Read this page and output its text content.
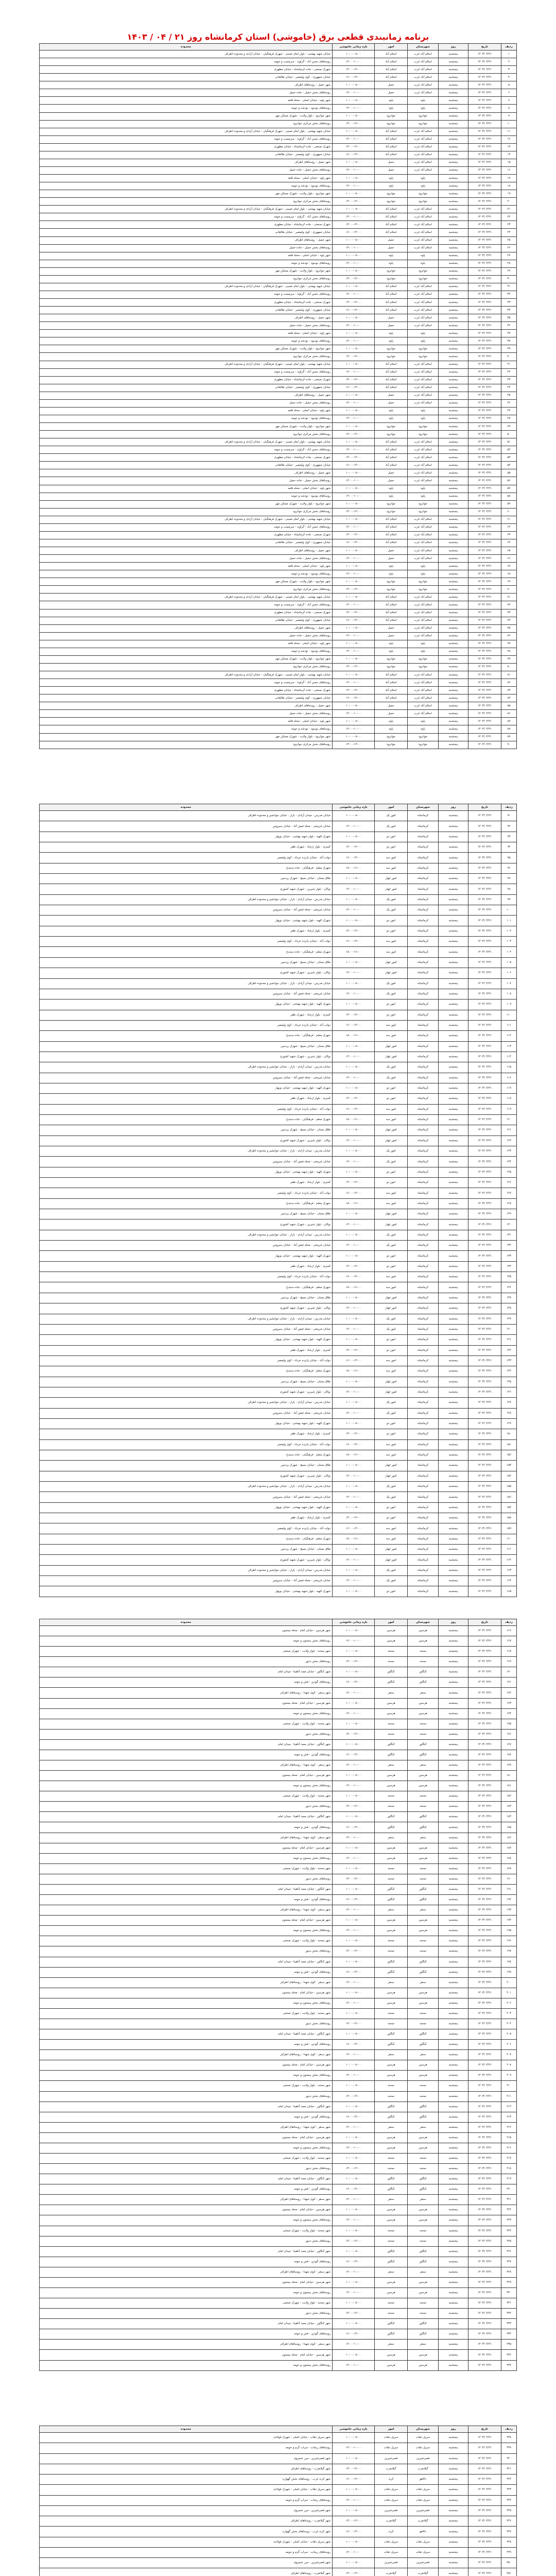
برنامه زمانبندی قطعی برق (خاموشی) استان کرمانشاه روز ۲۱ / ۰۴ / ۱۴۰۳
ردیف	تاریخ	روز	شهرستان	امور	بازه زمانی خاموشی	محدوده
۱	۱۴۰۳/۰۴/۲۱	پنجشنبه	اسلام آباد غرب	اسلام آباد	۱۰:۰۰-۰۸:۰۰	خیابان شهید بهشتی - بلوار امام خمینی - شهرک فرهنگیان - خیابان آزادی و محدوده اطراف
۲	۱۴۰۳/۰۴/۲۱	پنجشنبه	اسلام آباد غرب	اسلام آباد	۱۲:۰۰-۱۰:۰۰	روستاهای حسن آباد - گراوند - سرمست و حومه
۳	۱۴۰۳/۰۴/۲۱	پنجشنبه	اسلام آباد غرب	اسلام آباد	۱۴:۰۰-۱۲:۰۰	شهرک صنعتی - جاده کرمانشاه - خیابان مطهری
۴	۱۴۰۳/۰۴/۲۱	پنجشنبه	اسلام آباد غرب	اسلام آباد	۱۶:۰۰-۱۴:۰۰	خیابان جمهوری - کوی ولیعصر - خیابان طالقانی
۵	۱۴۰۳/۰۴/۲۱	پنجشنبه	اسلام آباد غرب	حمیل	۱۰:۰۰-۰۸:۰۰	شهر حمیل - روستاهای اطراف
۶	۱۴۰۳/۰۴/۲۱	پنجشنبه	اسلام آباد غرب	حمیل	۱۲:۰۰-۱۰:۰۰	روستاهای بخش حمیل - جاده حمیل
۷	۱۴۰۳/۰۴/۲۱	پنجشنبه	پاوه	پاوه	۱۰:۰۰-۰۸:۰۰	شهر پاوه - خیابان اصلی - محله قلعه
۸	۱۴۰۳/۰۴/۲۱	پنجشنبه	پاوه	پاوه	۱۲:۰۰-۱۰:۰۰	روستاهای نوسود - نودشه و حومه
۹	۱۴۰۳/۰۴/۲۱	پنجشنبه	جوانرود	جوانرود	۱۰:۰۰-۰۸:۰۰	شهر جوانرود - بلوار ولایت - شهرک مسکن مهر
۱۰	۱۴۰۳/۰۴/۲۱	پنجشنبه	جوانرود	جوانرود	۱۴:۰۰-۱۲:۰۰	روستاهای بخش مرکزی جوانرود
۱۱	۱۴۰۳/۰۴/۲۱	پنجشنبه	اسلام آباد غرب	اسلام آباد	۱۰:۰۰-۰۸:۰۰	خیابان شهید بهشتی - بلوار امام خمینی - شهرک فرهنگیان - خیابان آزادی و محدوده اطراف
۱۲	۱۴۰۳/۰۴/۲۱	پنجشنبه	اسلام آباد غرب	اسلام آباد	۱۲:۰۰-۱۰:۰۰	روستاهای حسن آباد - گراوند - سرمست و حومه
۱۳	۱۴۰۳/۰۴/۲۱	پنجشنبه	اسلام آباد غرب	اسلام آباد	۱۴:۰۰-۱۲:۰۰	شهرک صنعتی - جاده کرمانشاه - خیابان مطهری
۱۴	۱۴۰۳/۰۴/۲۱	پنجشنبه	اسلام آباد غرب	اسلام آباد	۱۶:۰۰-۱۴:۰۰	خیابان جمهوری - کوی ولیعصر - خیابان طالقانی
۱۵	۱۴۰۳/۰۴/۲۱	پنجشنبه	اسلام آباد غرب	حمیل	۱۰:۰۰-۰۸:۰۰	شهر حمیل - روستاهای اطراف
۱۶	۱۴۰۳/۰۴/۲۱	پنجشنبه	اسلام آباد غرب	حمیل	۱۲:۰۰-۱۰:۰۰	روستاهای بخش حمیل - جاده حمیل
۱۷	۱۴۰۳/۰۴/۲۱	پنجشنبه	پاوه	پاوه	۱۰:۰۰-۰۸:۰۰	شهر پاوه - خیابان اصلی - محله قلعه
۱۸	۱۴۰۳/۰۴/۲۱	پنجشنبه	پاوه	پاوه	۱۲:۰۰-۱۰:۰۰	روستاهای نوسود - نودشه و حومه
۱۹	۱۴۰۳/۰۴/۲۱	پنجشنبه	جوانرود	جوانرود	۱۰:۰۰-۰۸:۰۰	شهر جوانرود - بلوار ولایت - شهرک مسکن مهر
۲۰	۱۴۰۳/۰۴/۲۱	پنجشنبه	جوانرود	جوانرود	۱۴:۰۰-۱۲:۰۰	روستاهای بخش مرکزی جوانرود
۲۱	۱۴۰۳/۰۴/۲۱	پنجشنبه	اسلام آباد غرب	اسلام آباد	۱۰:۰۰-۰۸:۰۰	خیابان شهید بهشتی - بلوار امام خمینی - شهرک فرهنگیان - خیابان آزادی و محدوده اطراف
۲۲	۱۴۰۳/۰۴/۲۱	پنجشنبه	اسلام آباد غرب	اسلام آباد	۱۲:۰۰-۱۰:۰۰	روستاهای حسن آباد - گراوند - سرمست و حومه
۲۳	۱۴۰۳/۰۴/۲۱	پنجشنبه	اسلام آباد غرب	اسلام آباد	۱۴:۰۰-۱۲:۰۰	شهرک صنعتی - جاده کرمانشاه - خیابان مطهری
۲۴	۱۴۰۳/۰۴/۲۱	پنجشنبه	اسلام آباد غرب	اسلام آباد	۱۶:۰۰-۱۴:۰۰	خیابان جمهوری - کوی ولیعصر - خیابان طالقانی
۲۵	۱۴۰۳/۰۴/۲۱	پنجشنبه	اسلام آباد غرب	حمیل	۱۰:۰۰-۰۸:۰۰	شهر حمیل - روستاهای اطراف
۲۶	۱۴۰۳/۰۴/۲۱	پنجشنبه	اسلام آباد غرب	حمیل	۱۲:۰۰-۱۰:۰۰	روستاهای بخش حمیل - جاده حمیل
۲۷	۱۴۰۳/۰۴/۲۱	پنجشنبه	پاوه	پاوه	۱۰:۰۰-۰۸:۰۰	شهر پاوه - خیابان اصلی - محله قلعه
۲۸	۱۴۰۳/۰۴/۲۱	پنجشنبه	پاوه	پاوه	۱۲:۰۰-۱۰:۰۰	روستاهای نوسود - نودشه و حومه
۲۹	۱۴۰۳/۰۴/۲۱	پنجشنبه	جوانرود	جوانرود	۱۰:۰۰-۰۸:۰۰	شهر جوانرود - بلوار ولایت - شهرک مسکن مهر
۳۰	۱۴۰۳/۰۴/۲۱	پنجشنبه	جوانرود	جوانرود	۱۴:۰۰-۱۲:۰۰	روستاهای بخش مرکزی جوانرود
۳۱	۱۴۰۳/۰۴/۲۱	پنجشنبه	اسلام آباد غرب	اسلام آباد	۱۰:۰۰-۰۸:۰۰	خیابان شهید بهشتی - بلوار امام خمینی - شهرک فرهنگیان - خیابان آزادی و محدوده اطراف
۳۲	۱۴۰۳/۰۴/۲۱	پنجشنبه	اسلام آباد غرب	اسلام آباد	۱۲:۰۰-۱۰:۰۰	روستاهای حسن آباد - گراوند - سرمست و حومه
۳۳	۱۴۰۳/۰۴/۲۱	پنجشنبه	اسلام آباد غرب	اسلام آباد	۱۴:۰۰-۱۲:۰۰	شهرک صنعتی - جاده کرمانشاه - خیابان مطهری
۳۴	۱۴۰۳/۰۴/۲۱	پنجشنبه	اسلام آباد غرب	اسلام آباد	۱۶:۰۰-۱۴:۰۰	خیابان جمهوری - کوی ولیعصر - خیابان طالقانی
۳۵	۱۴۰۳/۰۴/۲۱	پنجشنبه	اسلام آباد غرب	حمیل	۱۰:۰۰-۰۸:۰۰	شهر حمیل - روستاهای اطراف
۳۶	۱۴۰۳/۰۴/۲۱	پنجشنبه	اسلام آباد غرب	حمیل	۱۲:۰۰-۱۰:۰۰	روستاهای بخش حمیل - جاده حمیل
۳۷	۱۴۰۳/۰۴/۲۱	پنجشنبه	پاوه	پاوه	۱۰:۰۰-۰۸:۰۰	شهر پاوه - خیابان اصلی - محله قلعه
۳۸	۱۴۰۳/۰۴/۲۱	پنجشنبه	پاوه	پاوه	۱۲:۰۰-۱۰:۰۰	روستاهای نوسود - نودشه و حومه
۳۹	۱۴۰۳/۰۴/۲۱	پنجشنبه	جوانرود	جوانرود	۱۰:۰۰-۰۸:۰۰	شهر جوانرود - بلوار ولایت - شهرک مسکن مهر
۴۰	۱۴۰۳/۰۴/۲۱	پنجشنبه	جوانرود	جوانرود	۱۴:۰۰-۱۲:۰۰	روستاهای بخش مرکزی جوانرود
۴۱	۱۴۰۳/۰۴/۲۱	پنجشنبه	اسلام آباد غرب	اسلام آباد	۱۰:۰۰-۰۸:۰۰	خیابان شهید بهشتی - بلوار امام خمینی - شهرک فرهنگیان - خیابان آزادی و محدوده اطراف
۴۲	۱۴۰۳/۰۴/۲۱	پنجشنبه	اسلام آباد غرب	اسلام آباد	۱۲:۰۰-۱۰:۰۰	روستاهای حسن آباد - گراوند - سرمست و حومه
۴۳	۱۴۰۳/۰۴/۲۱	پنجشنبه	اسلام آباد غرب	اسلام آباد	۱۴:۰۰-۱۲:۰۰	شهرک صنعتی - جاده کرمانشاه - خیابان مطهری
۴۴	۱۴۰۳/۰۴/۲۱	پنجشنبه	اسلام آباد غرب	اسلام آباد	۱۶:۰۰-۱۴:۰۰	خیابان جمهوری - کوی ولیعصر - خیابان طالقانی
۴۵	۱۴۰۳/۰۴/۲۱	پنجشنبه	اسلام آباد غرب	حمیل	۱۰:۰۰-۰۸:۰۰	شهر حمیل - روستاهای اطراف
۴۶	۱۴۰۳/۰۴/۲۱	پنجشنبه	اسلام آباد غرب	حمیل	۱۲:۰۰-۱۰:۰۰	روستاهای بخش حمیل - جاده حمیل
۴۷	۱۴۰۳/۰۴/۲۱	پنجشنبه	پاوه	پاوه	۱۰:۰۰-۰۸:۰۰	شهر پاوه - خیابان اصلی - محله قلعه
۴۸	۱۴۰۳/۰۴/۲۱	پنجشنبه	پاوه	پاوه	۱۲:۰۰-۱۰:۰۰	روستاهای نوسود - نودشه و حومه
۴۹	۱۴۰۳/۰۴/۲۱	پنجشنبه	جوانرود	جوانرود	۱۰:۰۰-۰۸:۰۰	شهر جوانرود - بلوار ولایت - شهرک مسکن مهر
۵۰	۱۴۰۳/۰۴/۲۱	پنجشنبه	جوانرود	جوانرود	۱۴:۰۰-۱۲:۰۰	روستاهای بخش مرکزی جوانرود
۵۱	۱۴۰۳/۰۴/۲۱	پنجشنبه	اسلام آباد غرب	اسلام آباد	۱۰:۰۰-۰۸:۰۰	خیابان شهید بهشتی - بلوار امام خمینی - شهرک فرهنگیان - خیابان آزادی و محدوده اطراف
۵۲	۱۴۰۳/۰۴/۲۱	پنجشنبه	اسلام آباد غرب	اسلام آباد	۱۲:۰۰-۱۰:۰۰	روستاهای حسن آباد - گراوند - سرمست و حومه
۵۳	۱۴۰۳/۰۴/۲۱	پنجشنبه	اسلام آباد غرب	اسلام آباد	۱۴:۰۰-۱۲:۰۰	شهرک صنعتی - جاده کرمانشاه - خیابان مطهری
۵۴	۱۴۰۳/۰۴/۲۱	پنجشنبه	اسلام آباد غرب	اسلام آباد	۱۶:۰۰-۱۴:۰۰	خیابان جمهوری - کوی ولیعصر - خیابان طالقانی
۵۵	۱۴۰۳/۰۴/۲۱	پنجشنبه	اسلام آباد غرب	حمیل	۱۰:۰۰-۰۸:۰۰	شهر حمیل - روستاهای اطراف
۵۶	۱۴۰۳/۰۴/۲۱	پنجشنبه	اسلام آباد غرب	حمیل	۱۲:۰۰-۱۰:۰۰	روستاهای بخش حمیل - جاده حمیل
۵۷	۱۴۰۳/۰۴/۲۱	پنجشنبه	پاوه	پاوه	۱۰:۰۰-۰۸:۰۰	شهر پاوه - خیابان اصلی - محله قلعه
۵۸	۱۴۰۳/۰۴/۲۱	پنجشنبه	پاوه	پاوه	۱۲:۰۰-۱۰:۰۰	روستاهای نوسود - نودشه و حومه
۵۹	۱۴۰۳/۰۴/۲۱	پنجشنبه	جوانرود	جوانرود	۱۰:۰۰-۰۸:۰۰	شهر جوانرود - بلوار ولایت - شهرک مسکن مهر
۶۰	۱۴۰۳/۰۴/۲۱	پنجشنبه	جوانرود	جوانرود	۱۴:۰۰-۱۲:۰۰	روستاهای بخش مرکزی جوانرود
۶۱	۱۴۰۳/۰۴/۲۱	پنجشنبه	اسلام آباد غرب	اسلام آباد	۱۰:۰۰-۰۸:۰۰	خیابان شهید بهشتی - بلوار امام خمینی - شهرک فرهنگیان - خیابان آزادی و محدوده اطراف
۶۲	۱۴۰۳/۰۴/۲۱	پنجشنبه	اسلام آباد غرب	اسلام آباد	۱۲:۰۰-۱۰:۰۰	روستاهای حسن آباد - گراوند - سرمست و حومه
۶۳	۱۴۰۳/۰۴/۲۱	پنجشنبه	اسلام آباد غرب	اسلام آباد	۱۴:۰۰-۱۲:۰۰	شهرک صنعتی - جاده کرمانشاه - خیابان مطهری
۶۴	۱۴۰۳/۰۴/۲۱	پنجشنبه	اسلام آباد غرب	اسلام آباد	۱۶:۰۰-۱۴:۰۰	خیابان جمهوری - کوی ولیعصر - خیابان طالقانی
۶۵	۱۴۰۳/۰۴/۲۱	پنجشنبه	اسلام آباد غرب	حمیل	۱۰:۰۰-۰۸:۰۰	شهر حمیل - روستاهای اطراف
۶۶	۱۴۰۳/۰۴/۲۱	پنجشنبه	اسلام آباد غرب	حمیل	۱۲:۰۰-۱۰:۰۰	روستاهای بخش حمیل - جاده حمیل
۶۷	۱۴۰۳/۰۴/۲۱	پنجشنبه	پاوه	پاوه	۱۰:۰۰-۰۸:۰۰	شهر پاوه - خیابان اصلی - محله قلعه
۶۸	۱۴۰۳/۰۴/۲۱	پنجشنبه	پاوه	پاوه	۱۲:۰۰-۱۰:۰۰	روستاهای نوسود - نودشه و حومه
۶۹	۱۴۰۳/۰۴/۲۱	پنجشنبه	جوانرود	جوانرود	۱۰:۰۰-۰۸:۰۰	شهر جوانرود - بلوار ولایت - شهرک مسکن مهر
۷۰	۱۴۰۳/۰۴/۲۱	پنجشنبه	جوانرود	جوانرود	۱۴:۰۰-۱۲:۰۰	روستاهای بخش مرکزی جوانرود
۷۱	۱۴۰۳/۰۴/۲۱	پنجشنبه	اسلام آباد غرب	اسلام آباد	۱۰:۰۰-۰۸:۰۰	خیابان شهید بهشتی - بلوار امام خمینی - شهرک فرهنگیان - خیابان آزادی و محدوده اطراف
۷۲	۱۴۰۳/۰۴/۲۱	پنجشنبه	اسلام آباد غرب	اسلام آباد	۱۲:۰۰-۱۰:۰۰	روستاهای حسن آباد - گراوند - سرمست و حومه
۷۳	۱۴۰۳/۰۴/۲۱	پنجشنبه	اسلام آباد غرب	اسلام آباد	۱۴:۰۰-۱۲:۰۰	شهرک صنعتی - جاده کرمانشاه - خیابان مطهری
۷۴	۱۴۰۳/۰۴/۲۱	پنجشنبه	اسلام آباد غرب	اسلام آباد	۱۶:۰۰-۱۴:۰۰	خیابان جمهوری - کوی ولیعصر - خیابان طالقانی
۷۵	۱۴۰۳/۰۴/۲۱	پنجشنبه	اسلام آباد غرب	حمیل	۱۰:۰۰-۰۸:۰۰	شهر حمیل - روستاهای اطراف
۷۶	۱۴۰۳/۰۴/۲۱	پنجشنبه	اسلام آباد غرب	حمیل	۱۲:۰۰-۱۰:۰۰	روستاهای بخش حمیل - جاده حمیل
۷۷	۱۴۰۳/۰۴/۲۱	پنجشنبه	پاوه	پاوه	۱۰:۰۰-۰۸:۰۰	شهر پاوه - خیابان اصلی - محله قلعه
۷۸	۱۴۰۳/۰۴/۲۱	پنجشنبه	پاوه	پاوه	۱۲:۰۰-۱۰:۰۰	روستاهای نوسود - نودشه و حومه
۷۹	۱۴۰۳/۰۴/۲۱	پنجشنبه	جوانرود	جوانرود	۱۰:۰۰-۰۸:۰۰	شهر جوانرود - بلوار ولایت - شهرک مسکن مهر
۸۰	۱۴۰۳/۰۴/۲۱	پنجشنبه	جوانرود	جوانرود	۱۴:۰۰-۱۲:۰۰	روستاهای بخش مرکزی جوانرود
۸۱	۱۴۰۳/۰۴/۲۱	پنجشنبه	اسلام آباد غرب	اسلام آباد	۱۰:۰۰-۰۸:۰۰	خیابان شهید بهشتی - بلوار امام خمینی - شهرک فرهنگیان - خیابان آزادی و محدوده اطراف
۸۲	۱۴۰۳/۰۴/۲۱	پنجشنبه	اسلام آباد غرب	اسلام آباد	۱۲:۰۰-۱۰:۰۰	روستاهای حسن آباد - گراوند - سرمست و حومه
۸۳	۱۴۰۳/۰۴/۲۱	پنجشنبه	اسلام آباد غرب	اسلام آباد	۱۴:۰۰-۱۲:۰۰	شهرک صنعتی - جاده کرمانشاه - خیابان مطهری
۸۴	۱۴۰۳/۰۴/۲۱	پنجشنبه	اسلام آباد غرب	اسلام آباد	۱۶:۰۰-۱۴:۰۰	خیابان جمهوری - کوی ولیعصر - خیابان طالقانی
۸۵	۱۴۰۳/۰۴/۲۱	پنجشنبه	اسلام آباد غرب	حمیل	۱۰:۰۰-۰۸:۰۰	شهر حمیل - روستاهای اطراف
۸۶	۱۴۰۳/۰۴/۲۱	پنجشنبه	اسلام آباد غرب	حمیل	۱۲:۰۰-۱۰:۰۰	روستاهای بخش حمیل - جاده حمیل
۸۷	۱۴۰۳/۰۴/۲۱	پنجشنبه	پاوه	پاوه	۱۰:۰۰-۰۸:۰۰	شهر پاوه - خیابان اصلی - محله قلعه
۸۸	۱۴۰۳/۰۴/۲۱	پنجشنبه	پاوه	پاوه	۱۲:۰۰-۱۰:۰۰	روستاهای نوسود - نودشه و حومه
۸۹	۱۴۰۳/۰۴/۲۱	پنجشنبه	جوانرود	جوانرود	۱۰:۰۰-۰۸:۰۰	شهر جوانرود - بلوار ولایت - شهرک مسکن مهر
۹۰	۱۴۰۳/۰۴/۲۱	پنجشنبه	جوانرود	جوانرود	۱۴:۰۰-۱۲:۰۰	روستاهای بخش مرکزی جوانرود
ردیف	تاریخ	روز	شهرستان	امور	بازه زمانی خاموشی	محدوده
۹۱	۱۴۰۳/۰۴/۲۱	پنجشنبه	کرمانشاه	امور یک	۱۰:۰۰-۰۸:۰۰	خیابان مدرس - میدان آزادی - بازار - خیابان جوانشیر و محدوده اطراف
۹۲	۱۴۰۳/۰۴/۲۱	پنجشنبه	کرمانشاه	امور یک	۱۲:۰۰-۱۰:۰۰	خیابان شریعتی - محله فیض آباد - خیابان سیروس
۹۳	۱۴۰۳/۰۴/۲۱	پنجشنبه	کرمانشاه	امور دو	۱۰:۰۰-۰۸:۰۰	شهرک الهیه - بلوار شهید بهشتی - خیابان نوبهار
۹۴	۱۴۰۳/۰۴/۲۱	پنجشنبه	کرمانشاه	امور دو	۱۴:۰۰-۱۲:۰۰	کسری - بلوار ارشاد - شهرک ظفر
۹۵	۱۴۰۳/۰۴/۲۱	پنجشنبه	کرمانشاه	امور سه	۱۶:۰۰-۱۴:۰۰	دولت آباد - خیابان پانزده خرداد - کوی ولیعصر
۹۶	۱۴۰۳/۰۴/۲۱	پنجشنبه	کرمانشاه	امور سه	۱۸:۰۰-۱۶:۰۰	شهرک معلم - فرهنگیان - جاده سنندج
۹۷	۱۴۰۳/۰۴/۲۱	پنجشنبه	کرمانشاه	امور چهار	۱۰:۰۰-۰۸:۰۰	طاق بستان - خیابان بسیج - شهرک پردیس
۹۸	۱۴۰۳/۰۴/۲۱	پنجشنبه	کرمانشاه	امور چهار	۱۲:۰۰-۱۰:۰۰	نوکان - بلوار شیرین - شهرک شهید کشوری
۹۹	۱۴۰۳/۰۴/۲۱	پنجشنبه	کرمانشاه	امور یک	۱۰:۰۰-۰۸:۰۰	خیابان مدرس - میدان آزادی - بازار - خیابان جوانشیر و محدوده اطراف
۱۰۰	۱۴۰۳/۰۴/۲۱	پنجشنبه	کرمانشاه	امور یک	۱۲:۰۰-۱۰:۰۰	خیابان شریعتی - محله فیض آباد - خیابان سیروس
۱۰۱	۱۴۰۳/۰۴/۲۱	پنجشنبه	کرمانشاه	امور دو	۱۰:۰۰-۰۸:۰۰	شهرک الهیه - بلوار شهید بهشتی - خیابان نوبهار
۱۰۲	۱۴۰۳/۰۴/۲۱	پنجشنبه	کرمانشاه	امور دو	۱۴:۰۰-۱۲:۰۰	کسری - بلوار ارشاد - شهرک ظفر
۱۰۳	۱۴۰۳/۰۴/۲۱	پنجشنبه	کرمانشاه	امور سه	۱۶:۰۰-۱۴:۰۰	دولت آباد - خیابان پانزده خرداد - کوی ولیعصر
۱۰۴	۱۴۰۳/۰۴/۲۱	پنجشنبه	کرمانشاه	امور سه	۱۸:۰۰-۱۶:۰۰	شهرک معلم - فرهنگیان - جاده سنندج
۱۰۵	۱۴۰۳/۰۴/۲۱	پنجشنبه	کرمانشاه	امور چهار	۱۰:۰۰-۰۸:۰۰	طاق بستان - خیابان بسیج - شهرک پردیس
۱۰۶	۱۴۰۳/۰۴/۲۱	پنجشنبه	کرمانشاه	امور چهار	۱۲:۰۰-۱۰:۰۰	نوکان - بلوار شیرین - شهرک شهید کشوری
۱۰۷	۱۴۰۳/۰۴/۲۱	پنجشنبه	کرمانشاه	امور یک	۱۰:۰۰-۰۸:۰۰	خیابان مدرس - میدان آزادی - بازار - خیابان جوانشیر و محدوده اطراف
۱۰۸	۱۴۰۳/۰۴/۲۱	پنجشنبه	کرمانشاه	امور یک	۱۲:۰۰-۱۰:۰۰	خیابان شریعتی - محله فیض آباد - خیابان سیروس
۱۰۹	۱۴۰۳/۰۴/۲۱	پنجشنبه	کرمانشاه	امور دو	۱۰:۰۰-۰۸:۰۰	شهرک الهیه - بلوار شهید بهشتی - خیابان نوبهار
۱۱۰	۱۴۰۳/۰۴/۲۱	پنجشنبه	کرمانشاه	امور دو	۱۴:۰۰-۱۲:۰۰	کسری - بلوار ارشاد - شهرک ظفر
۱۱۱	۱۴۰۳/۰۴/۲۱	پنجشنبه	کرمانشاه	امور سه	۱۶:۰۰-۱۴:۰۰	دولت آباد - خیابان پانزده خرداد - کوی ولیعصر
۱۱۲	۱۴۰۳/۰۴/۲۱	پنجشنبه	کرمانشاه	امور سه	۱۸:۰۰-۱۶:۰۰	شهرک معلم - فرهنگیان - جاده سنندج
۱۱۳	۱۴۰۳/۰۴/۲۱	پنجشنبه	کرمانشاه	امور چهار	۱۰:۰۰-۰۸:۰۰	طاق بستان - خیابان بسیج - شهرک پردیس
۱۱۴	۱۴۰۳/۰۴/۲۱	پنجشنبه	کرمانشاه	امور چهار	۱۲:۰۰-۱۰:۰۰	نوکان - بلوار شیرین - شهرک شهید کشوری
۱۱۵	۱۴۰۳/۰۴/۲۱	پنجشنبه	کرمانشاه	امور یک	۱۰:۰۰-۰۸:۰۰	خیابان مدرس - میدان آزادی - بازار - خیابان جوانشیر و محدوده اطراف
۱۱۶	۱۴۰۳/۰۴/۲۱	پنجشنبه	کرمانشاه	امور یک	۱۲:۰۰-۱۰:۰۰	خیابان شریعتی - محله فیض آباد - خیابان سیروس
۱۱۷	۱۴۰۳/۰۴/۲۱	پنجشنبه	کرمانشاه	امور دو	۱۰:۰۰-۰۸:۰۰	شهرک الهیه - بلوار شهید بهشتی - خیابان نوبهار
۱۱۸	۱۴۰۳/۰۴/۲۱	پنجشنبه	کرمانشاه	امور دو	۱۴:۰۰-۱۲:۰۰	کسری - بلوار ارشاد - شهرک ظفر
۱۱۹	۱۴۰۳/۰۴/۲۱	پنجشنبه	کرمانشاه	امور سه	۱۶:۰۰-۱۴:۰۰	دولت آباد - خیابان پانزده خرداد - کوی ولیعصر
۱۲۰	۱۴۰۳/۰۴/۲۱	پنجشنبه	کرمانشاه	امور سه	۱۸:۰۰-۱۶:۰۰	شهرک معلم - فرهنگیان - جاده سنندج
۱۲۱	۱۴۰۳/۰۴/۲۱	پنجشنبه	کرمانشاه	امور چهار	۱۰:۰۰-۰۸:۰۰	طاق بستان - خیابان بسیج - شهرک پردیس
۱۲۲	۱۴۰۳/۰۴/۲۱	پنجشنبه	کرمانشاه	امور چهار	۱۲:۰۰-۱۰:۰۰	نوکان - بلوار شیرین - شهرک شهید کشوری
۱۲۳	۱۴۰۳/۰۴/۲۱	پنجشنبه	کرمانشاه	امور یک	۱۰:۰۰-۰۸:۰۰	خیابان مدرس - میدان آزادی - بازار - خیابان جوانشیر و محدوده اطراف
۱۲۴	۱۴۰۳/۰۴/۲۱	پنجشنبه	کرمانشاه	امور یک	۱۲:۰۰-۱۰:۰۰	خیابان شریعتی - محله فیض آباد - خیابان سیروس
۱۲۵	۱۴۰۳/۰۴/۲۱	پنجشنبه	کرمانشاه	امور دو	۱۰:۰۰-۰۸:۰۰	شهرک الهیه - بلوار شهید بهشتی - خیابان نوبهار
۱۲۶	۱۴۰۳/۰۴/۲۱	پنجشنبه	کرمانشاه	امور دو	۱۴:۰۰-۱۲:۰۰	کسری - بلوار ارشاد - شهرک ظفر
۱۲۷	۱۴۰۳/۰۴/۲۱	پنجشنبه	کرمانشاه	امور سه	۱۶:۰۰-۱۴:۰۰	دولت آباد - خیابان پانزده خرداد - کوی ولیعصر
۱۲۸	۱۴۰۳/۰۴/۲۱	پنجشنبه	کرمانشاه	امور سه	۱۸:۰۰-۱۶:۰۰	شهرک معلم - فرهنگیان - جاده سنندج
۱۲۹	۱۴۰۳/۰۴/۲۱	پنجشنبه	کرمانشاه	امور چهار	۱۰:۰۰-۰۸:۰۰	طاق بستان - خیابان بسیج - شهرک پردیس
۱۳۰	۱۴۰۳/۰۴/۲۱	پنجشنبه	کرمانشاه	امور چهار	۱۲:۰۰-۱۰:۰۰	نوکان - بلوار شیرین - شهرک شهید کشوری
۱۳۱	۱۴۰۳/۰۴/۲۱	پنجشنبه	کرمانشاه	امور یک	۱۰:۰۰-۰۸:۰۰	خیابان مدرس - میدان آزادی - بازار - خیابان جوانشیر و محدوده اطراف
۱۳۲	۱۴۰۳/۰۴/۲۱	پنجشنبه	کرمانشاه	امور یک	۱۲:۰۰-۱۰:۰۰	خیابان شریعتی - محله فیض آباد - خیابان سیروس
۱۳۳	۱۴۰۳/۰۴/۲۱	پنجشنبه	کرمانشاه	امور دو	۱۰:۰۰-۰۸:۰۰	شهرک الهیه - بلوار شهید بهشتی - خیابان نوبهار
۱۳۴	۱۴۰۳/۰۴/۲۱	پنجشنبه	کرمانشاه	امور دو	۱۴:۰۰-۱۲:۰۰	کسری - بلوار ارشاد - شهرک ظفر
۱۳۵	۱۴۰۳/۰۴/۲۱	پنجشنبه	کرمانشاه	امور سه	۱۶:۰۰-۱۴:۰۰	دولت آباد - خیابان پانزده خرداد - کوی ولیعصر
۱۳۶	۱۴۰۳/۰۴/۲۱	پنجشنبه	کرمانشاه	امور سه	۱۸:۰۰-۱۶:۰۰	شهرک معلم - فرهنگیان - جاده سنندج
۱۳۷	۱۴۰۳/۰۴/۲۱	پنجشنبه	کرمانشاه	امور چهار	۱۰:۰۰-۰۸:۰۰	طاق بستان - خیابان بسیج - شهرک پردیس
۱۳۸	۱۴۰۳/۰۴/۲۱	پنجشنبه	کرمانشاه	امور چهار	۱۲:۰۰-۱۰:۰۰	نوکان - بلوار شیرین - شهرک شهید کشوری
۱۳۹	۱۴۰۳/۰۴/۲۱	پنجشنبه	کرمانشاه	امور یک	۱۰:۰۰-۰۸:۰۰	خیابان مدرس - میدان آزادی - بازار - خیابان جوانشیر و محدوده اطراف
۱۴۰	۱۴۰۳/۰۴/۲۱	پنجشنبه	کرمانشاه	امور یک	۱۲:۰۰-۱۰:۰۰	خیابان شریعتی - محله فیض آباد - خیابان سیروس
۱۴۱	۱۴۰۳/۰۴/۲۱	پنجشنبه	کرمانشاه	امور دو	۱۰:۰۰-۰۸:۰۰	شهرک الهیه - بلوار شهید بهشتی - خیابان نوبهار
۱۴۲	۱۴۰۳/۰۴/۲۱	پنجشنبه	کرمانشاه	امور دو	۱۴:۰۰-۱۲:۰۰	کسری - بلوار ارشاد - شهرک ظفر
۱۴۳	۱۴۰۳/۰۴/۲۱	پنجشنبه	کرمانشاه	امور سه	۱۶:۰۰-۱۴:۰۰	دولت آباد - خیابان پانزده خرداد - کوی ولیعصر
۱۴۴	۱۴۰۳/۰۴/۲۱	پنجشنبه	کرمانشاه	امور سه	۱۸:۰۰-۱۶:۰۰	شهرک معلم - فرهنگیان - جاده سنندج
۱۴۵	۱۴۰۳/۰۴/۲۱	پنجشنبه	کرمانشاه	امور چهار	۱۰:۰۰-۰۸:۰۰	طاق بستان - خیابان بسیج - شهرک پردیس
۱۴۶	۱۴۰۳/۰۴/۲۱	پنجشنبه	کرمانشاه	امور چهار	۱۲:۰۰-۱۰:۰۰	نوکان - بلوار شیرین - شهرک شهید کشوری
۱۴۷	۱۴۰۳/۰۴/۲۱	پنجشنبه	کرمانشاه	امور یک	۱۰:۰۰-۰۸:۰۰	خیابان مدرس - میدان آزادی - بازار - خیابان جوانشیر و محدوده اطراف
۱۴۸	۱۴۰۳/۰۴/۲۱	پنجشنبه	کرمانشاه	امور یک	۱۲:۰۰-۱۰:۰۰	خیابان شریعتی - محله فیض آباد - خیابان سیروس
۱۴۹	۱۴۰۳/۰۴/۲۱	پنجشنبه	کرمانشاه	امور دو	۱۰:۰۰-۰۸:۰۰	شهرک الهیه - بلوار شهید بهشتی - خیابان نوبهار
۱۵۰	۱۴۰۳/۰۴/۲۱	پنجشنبه	کرمانشاه	امور دو	۱۴:۰۰-۱۲:۰۰	کسری - بلوار ارشاد - شهرک ظفر
۱۵۱	۱۴۰۳/۰۴/۲۱	پنجشنبه	کرمانشاه	امور سه	۱۶:۰۰-۱۴:۰۰	دولت آباد - خیابان پانزده خرداد - کوی ولیعصر
۱۵۲	۱۴۰۳/۰۴/۲۱	پنجشنبه	کرمانشاه	امور سه	۱۸:۰۰-۱۶:۰۰	شهرک معلم - فرهنگیان - جاده سنندج
۱۵۳	۱۴۰۳/۰۴/۲۱	پنجشنبه	کرمانشاه	امور چهار	۱۰:۰۰-۰۸:۰۰	طاق بستان - خیابان بسیج - شهرک پردیس
۱۵۴	۱۴۰۳/۰۴/۲۱	پنجشنبه	کرمانشاه	امور چهار	۱۲:۰۰-۱۰:۰۰	نوکان - بلوار شیرین - شهرک شهید کشوری
۱۵۵	۱۴۰۳/۰۴/۲۱	پنجشنبه	کرمانشاه	امور یک	۱۰:۰۰-۰۸:۰۰	خیابان مدرس - میدان آزادی - بازار - خیابان جوانشیر و محدوده اطراف
۱۵۶	۱۴۰۳/۰۴/۲۱	پنجشنبه	کرمانشاه	امور یک	۱۲:۰۰-۱۰:۰۰	خیابان شریعتی - محله فیض آباد - خیابان سیروس
۱۵۷	۱۴۰۳/۰۴/۲۱	پنجشنبه	کرمانشاه	امور دو	۱۰:۰۰-۰۸:۰۰	شهرک الهیه - بلوار شهید بهشتی - خیابان نوبهار
۱۵۸	۱۴۰۳/۰۴/۲۱	پنجشنبه	کرمانشاه	امور دو	۱۴:۰۰-۱۲:۰۰	کسری - بلوار ارشاد - شهرک ظفر
۱۵۹	۱۴۰۳/۰۴/۲۱	پنجشنبه	کرمانشاه	امور سه	۱۶:۰۰-۱۴:۰۰	دولت آباد - خیابان پانزده خرداد - کوی ولیعصر
۱۶۰	۱۴۰۳/۰۴/۲۱	پنجشنبه	کرمانشاه	امور سه	۱۸:۰۰-۱۶:۰۰	شهرک معلم - فرهنگیان - جاده سنندج
۱۶۱	۱۴۰۳/۰۴/۲۱	پنجشنبه	کرمانشاه	امور چهار	۱۰:۰۰-۰۸:۰۰	طاق بستان - خیابان بسیج - شهرک پردیس
۱۶۲	۱۴۰۳/۰۴/۲۱	پنجشنبه	کرمانشاه	امور چهار	۱۲:۰۰-۱۰:۰۰	نوکان - بلوار شیرین - شهرک شهید کشوری
۱۶۳	۱۴۰۳/۰۴/۲۱	پنجشنبه	کرمانشاه	امور یک	۱۰:۰۰-۰۸:۰۰	خیابان مدرس - میدان آزادی - بازار - خیابان جوانشیر و محدوده اطراف
۱۶۴	۱۴۰۳/۰۴/۲۱	پنجشنبه	کرمانشاه	امور یک	۱۲:۰۰-۱۰:۰۰	خیابان شریعتی - محله فیض آباد - خیابان سیروس
۱۶۵	۱۴۰۳/۰۴/۲۱	پنجشنبه	کرمانشاه	امور دو	۱۰:۰۰-۰۸:۰۰	شهرک الهیه - بلوار شهید بهشتی - خیابان نوبهار
ردیف	تاریخ	روز	شهرستان	امور	بازه زمانی خاموشی	محدوده
۱۶۶	۱۴۰۳/۰۴/۲۱	پنجشنبه	هرسین	هرسین	۱۰:۰۰-۰۸:۰۰	شهر هرسین - خیابان امام - محله بیستون
۱۶۷	۱۴۰۳/۰۴/۲۱	پنجشنبه	هرسین	هرسین	۱۲:۰۰-۱۰:۰۰	روستاهای بخش بیستون و حومه
۱۶۸	۱۴۰۳/۰۴/۲۱	پنجشنبه	صحنه	صحنه	۱۰:۰۰-۰۸:۰۰	شهر صحنه - بلوار ولایت - شهرک صنعتی
۱۶۹	۱۴۰۳/۰۴/۲۱	پنجشنبه	صحنه	صحنه	۱۴:۰۰-۱۲:۰۰	روستاهای بخش دینور
۱۷۰	۱۴۰۳/۰۴/۲۱	پنجشنبه	کنگاور	کنگاور	۱۰:۰۰-۰۸:۰۰	شهر کنگاور - خیابان معبد آناهیتا - میدان امام
۱۷۱	۱۴۰۳/۰۴/۲۱	پنجشنبه	کنگاور	کنگاور	۱۶:۰۰-۱۴:۰۰	روستاهای گودین - فش و حومه
۱۷۲	۱۴۰۳/۰۴/۲۱	پنجشنبه	سنقر	سنقر	۱۲:۰۰-۱۰:۰۰	شهر سنقر - کوی شهدا - روستاهای اطراف
۱۷۳	۱۴۰۳/۰۴/۲۱	پنجشنبه	هرسین	هرسین	۱۰:۰۰-۰۸:۰۰	شهر هرسین - خیابان امام - محله بیستون
۱۷۴	۱۴۰۳/۰۴/۲۱	پنجشنبه	هرسین	هرسین	۱۲:۰۰-۱۰:۰۰	روستاهای بخش بیستون و حومه
۱۷۵	۱۴۰۳/۰۴/۲۱	پنجشنبه	صحنه	صحنه	۱۰:۰۰-۰۸:۰۰	شهر صحنه - بلوار ولایت - شهرک صنعتی
۱۷۶	۱۴۰۳/۰۴/۲۱	پنجشنبه	صحنه	صحنه	۱۴:۰۰-۱۲:۰۰	روستاهای بخش دینور
۱۷۷	۱۴۰۳/۰۴/۲۱	پنجشنبه	کنگاور	کنگاور	۱۰:۰۰-۰۸:۰۰	شهر کنگاور - خیابان معبد آناهیتا - میدان امام
۱۷۸	۱۴۰۳/۰۴/۲۱	پنجشنبه	کنگاور	کنگاور	۱۶:۰۰-۱۴:۰۰	روستاهای گودین - فش و حومه
۱۷۹	۱۴۰۳/۰۴/۲۱	پنجشنبه	سنقر	سنقر	۱۲:۰۰-۱۰:۰۰	شهر سنقر - کوی شهدا - روستاهای اطراف
۱۸۰	۱۴۰۳/۰۴/۲۱	پنجشنبه	هرسین	هرسین	۱۰:۰۰-۰۸:۰۰	شهر هرسین - خیابان امام - محله بیستون
۱۸۱	۱۴۰۳/۰۴/۲۱	پنجشنبه	هرسین	هرسین	۱۲:۰۰-۱۰:۰۰	روستاهای بخش بیستون و حومه
۱۸۲	۱۴۰۳/۰۴/۲۱	پنجشنبه	صحنه	صحنه	۱۰:۰۰-۰۸:۰۰	شهر صحنه - بلوار ولایت - شهرک صنعتی
۱۸۳	۱۴۰۳/۰۴/۲۱	پنجشنبه	صحنه	صحنه	۱۴:۰۰-۱۲:۰۰	روستاهای بخش دینور
۱۸۴	۱۴۰۳/۰۴/۲۱	پنجشنبه	کنگاور	کنگاور	۱۰:۰۰-۰۸:۰۰	شهر کنگاور - خیابان معبد آناهیتا - میدان امام
۱۸۵	۱۴۰۳/۰۴/۲۱	پنجشنبه	کنگاور	کنگاور	۱۶:۰۰-۱۴:۰۰	روستاهای گودین - فش و حومه
۱۸۶	۱۴۰۳/۰۴/۲۱	پنجشنبه	سنقر	سنقر	۱۲:۰۰-۱۰:۰۰	شهر سنقر - کوی شهدا - روستاهای اطراف
۱۸۷	۱۴۰۳/۰۴/۲۱	پنجشنبه	هرسین	هرسین	۱۰:۰۰-۰۸:۰۰	شهر هرسین - خیابان امام - محله بیستون
۱۸۸	۱۴۰۳/۰۴/۲۱	پنجشنبه	هرسین	هرسین	۱۲:۰۰-۱۰:۰۰	روستاهای بخش بیستون و حومه
۱۸۹	۱۴۰۳/۰۴/۲۱	پنجشنبه	صحنه	صحنه	۱۰:۰۰-۰۸:۰۰	شهر صحنه - بلوار ولایت - شهرک صنعتی
۱۹۰	۱۴۰۳/۰۴/۲۱	پنجشنبه	صحنه	صحنه	۱۴:۰۰-۱۲:۰۰	روستاهای بخش دینور
۱۹۱	۱۴۰۳/۰۴/۲۱	پنجشنبه	کنگاور	کنگاور	۱۰:۰۰-۰۸:۰۰	شهر کنگاور - خیابان معبد آناهیتا - میدان امام
۱۹۲	۱۴۰۳/۰۴/۲۱	پنجشنبه	کنگاور	کنگاور	۱۶:۰۰-۱۴:۰۰	روستاهای گودین - فش و حومه
۱۹۳	۱۴۰۳/۰۴/۲۱	پنجشنبه	سنقر	سنقر	۱۲:۰۰-۱۰:۰۰	شهر سنقر - کوی شهدا - روستاهای اطراف
۱۹۴	۱۴۰۳/۰۴/۲۱	پنجشنبه	هرسین	هرسین	۱۰:۰۰-۰۸:۰۰	شهر هرسین - خیابان امام - محله بیستون
۱۹۵	۱۴۰۳/۰۴/۲۱	پنجشنبه	هرسین	هرسین	۱۲:۰۰-۱۰:۰۰	روستاهای بخش بیستون و حومه
۱۹۶	۱۴۰۳/۰۴/۲۱	پنجشنبه	صحنه	صحنه	۱۰:۰۰-۰۸:۰۰	شهر صحنه - بلوار ولایت - شهرک صنعتی
۱۹۷	۱۴۰۳/۰۴/۲۱	پنجشنبه	صحنه	صحنه	۱۴:۰۰-۱۲:۰۰	روستاهای بخش دینور
۱۹۸	۱۴۰۳/۰۴/۲۱	پنجشنبه	کنگاور	کنگاور	۱۰:۰۰-۰۸:۰۰	شهر کنگاور - خیابان معبد آناهیتا - میدان امام
۱۹۹	۱۴۰۳/۰۴/۲۱	پنجشنبه	کنگاور	کنگاور	۱۶:۰۰-۱۴:۰۰	روستاهای گودین - فش و حومه
۲۰۰	۱۴۰۳/۰۴/۲۱	پنجشنبه	سنقر	سنقر	۱۲:۰۰-۱۰:۰۰	شهر سنقر - کوی شهدا - روستاهای اطراف
۲۰۱	۱۴۰۳/۰۴/۲۱	پنجشنبه	هرسین	هرسین	۱۰:۰۰-۰۸:۰۰	شهر هرسین - خیابان امام - محله بیستون
۲۰۲	۱۴۰۳/۰۴/۲۱	پنجشنبه	هرسین	هرسین	۱۲:۰۰-۱۰:۰۰	روستاهای بخش بیستون و حومه
۲۰۳	۱۴۰۳/۰۴/۲۱	پنجشنبه	صحنه	صحنه	۱۰:۰۰-۰۸:۰۰	شهر صحنه - بلوار ولایت - شهرک صنعتی
۲۰۴	۱۴۰۳/۰۴/۲۱	پنجشنبه	صحنه	صحنه	۱۴:۰۰-۱۲:۰۰	روستاهای بخش دینور
۲۰۵	۱۴۰۳/۰۴/۲۱	پنجشنبه	کنگاور	کنگاور	۱۰:۰۰-۰۸:۰۰	شهر کنگاور - خیابان معبد آناهیتا - میدان امام
۲۰۶	۱۴۰۳/۰۴/۲۱	پنجشنبه	کنگاور	کنگاور	۱۶:۰۰-۱۴:۰۰	روستاهای گودین - فش و حومه
۲۰۷	۱۴۰۳/۰۴/۲۱	پنجشنبه	سنقر	سنقر	۱۲:۰۰-۱۰:۰۰	شهر سنقر - کوی شهدا - روستاهای اطراف
۲۰۸	۱۴۰۳/۰۴/۲۱	پنجشنبه	هرسین	هرسین	۱۰:۰۰-۰۸:۰۰	شهر هرسین - خیابان امام - محله بیستون
۲۰۹	۱۴۰۳/۰۴/۲۱	پنجشنبه	هرسین	هرسین	۱۲:۰۰-۱۰:۰۰	روستاهای بخش بیستون و حومه
۲۱۰	۱۴۰۳/۰۴/۲۱	پنجشنبه	صحنه	صحنه	۱۰:۰۰-۰۸:۰۰	شهر صحنه - بلوار ولایت - شهرک صنعتی
۲۱۱	۱۴۰۳/۰۴/۲۱	پنجشنبه	صحنه	صحنه	۱۴:۰۰-۱۲:۰۰	روستاهای بخش دینور
۲۱۲	۱۴۰۳/۰۴/۲۱	پنجشنبه	کنگاور	کنگاور	۱۰:۰۰-۰۸:۰۰	شهر کنگاور - خیابان معبد آناهیتا - میدان امام
۲۱۳	۱۴۰۳/۰۴/۲۱	پنجشنبه	کنگاور	کنگاور	۱۶:۰۰-۱۴:۰۰	روستاهای گودین - فش و حومه
۲۱۴	۱۴۰۳/۰۴/۲۱	پنجشنبه	سنقر	سنقر	۱۲:۰۰-۱۰:۰۰	شهر سنقر - کوی شهدا - روستاهای اطراف
۲۱۵	۱۴۰۳/۰۴/۲۱	پنجشنبه	هرسین	هرسین	۱۰:۰۰-۰۸:۰۰	شهر هرسین - خیابان امام - محله بیستون
۲۱۶	۱۴۰۳/۰۴/۲۱	پنجشنبه	هرسین	هرسین	۱۲:۰۰-۱۰:۰۰	روستاهای بخش بیستون و حومه
۲۱۷	۱۴۰۳/۰۴/۲۱	پنجشنبه	صحنه	صحنه	۱۰:۰۰-۰۸:۰۰	شهر صحنه - بلوار ولایت - شهرک صنعتی
۲۱۸	۱۴۰۳/۰۴/۲۱	پنجشنبه	صحنه	صحنه	۱۴:۰۰-۱۲:۰۰	روستاهای بخش دینور
۲۱۹	۱۴۰۳/۰۴/۲۱	پنجشنبه	کنگاور	کنگاور	۱۰:۰۰-۰۸:۰۰	شهر کنگاور - خیابان معبد آناهیتا - میدان امام
۲۲۰	۱۴۰۳/۰۴/۲۱	پنجشنبه	کنگاور	کنگاور	۱۶:۰۰-۱۴:۰۰	روستاهای گودین - فش و حومه
۲۲۱	۱۴۰۳/۰۴/۲۱	پنجشنبه	سنقر	سنقر	۱۲:۰۰-۱۰:۰۰	شهر سنقر - کوی شهدا - روستاهای اطراف
۲۲۲	۱۴۰۳/۰۴/۲۱	پنجشنبه	هرسین	هرسین	۱۰:۰۰-۰۸:۰۰	شهر هرسین - خیابان امام - محله بیستون
۲۲۳	۱۴۰۳/۰۴/۲۱	پنجشنبه	هرسین	هرسین	۱۲:۰۰-۱۰:۰۰	روستاهای بخش بیستون و حومه
۲۲۴	۱۴۰۳/۰۴/۲۱	پنجشنبه	صحنه	صحنه	۱۰:۰۰-۰۸:۰۰	شهر صحنه - بلوار ولایت - شهرک صنعتی
۲۲۵	۱۴۰۳/۰۴/۲۱	پنجشنبه	صحنه	صحنه	۱۴:۰۰-۱۲:۰۰	روستاهای بخش دینور
۲۲۶	۱۴۰۳/۰۴/۲۱	پنجشنبه	کنگاور	کنگاور	۱۰:۰۰-۰۸:۰۰	شهر کنگاور - خیابان معبد آناهیتا - میدان امام
۲۲۷	۱۴۰۳/۰۴/۲۱	پنجشنبه	کنگاور	کنگاور	۱۶:۰۰-۱۴:۰۰	روستاهای گودین - فش و حومه
۲۲۸	۱۴۰۳/۰۴/۲۱	پنجشنبه	سنقر	سنقر	۱۲:۰۰-۱۰:۰۰	شهر سنقر - کوی شهدا - روستاهای اطراف
۲۲۹	۱۴۰۳/۰۴/۲۱	پنجشنبه	هرسین	هرسین	۱۰:۰۰-۰۸:۰۰	شهر هرسین - خیابان امام - محله بیستون
۲۳۰	۱۴۰۳/۰۴/۲۱	پنجشنبه	هرسین	هرسین	۱۲:۰۰-۱۰:۰۰	روستاهای بخش بیستون و حومه
۲۳۱	۱۴۰۳/۰۴/۲۱	پنجشنبه	صحنه	صحنه	۱۰:۰۰-۰۸:۰۰	شهر صحنه - بلوار ولایت - شهرک صنعتی
۲۳۲	۱۴۰۳/۰۴/۲۱	پنجشنبه	صحنه	صحنه	۱۴:۰۰-۱۲:۰۰	روستاهای بخش دینور
۲۳۳	۱۴۰۳/۰۴/۲۱	پنجشنبه	کنگاور	کنگاور	۱۰:۰۰-۰۸:۰۰	شهر کنگاور - خیابان معبد آناهیتا - میدان امام
۲۳۴	۱۴۰۳/۰۴/۲۱	پنجشنبه	کنگاور	کنگاور	۱۶:۰۰-۱۴:۰۰	روستاهای گودین - فش و حومه
۲۳۵	۱۴۰۳/۰۴/۲۱	پنجشنبه	سنقر	سنقر	۱۲:۰۰-۱۰:۰۰	شهر سنقر - کوی شهدا - روستاهای اطراف
۲۳۶	۱۴۰۳/۰۴/۲۱	پنجشنبه	هرسین	هرسین	۱۰:۰۰-۰۸:۰۰	شهر هرسین - خیابان امام - محله بیستون
۲۳۷	۱۴۰۳/۰۴/۲۱	پنجشنبه	هرسین	هرسین	۱۲:۰۰-۱۰:۰۰	روستاهای بخش بیستون و حومه
ردیف	تاریخ	روز	شهرستان	امور	بازه زمانی خاموشی	محدوده
۲۳۸	۱۴۰۳/۰۴/۲۱	پنجشنبه	سرپل ذهاب	سرپل ذهاب	۱۰:۰۰-۰۸:۰۰	شهر سرپل ذهاب - خیابان اصلی - شهرک فولادی
۲۳۹	۱۴۰۳/۰۴/۲۱	پنجشنبه	سرپل ذهاب	سرپل ذهاب	۱۲:۰۰-۱۰:۰۰	روستاهای ریجاب - سراب گرم و حومه
۲۴۰	۱۴۰۳/۰۴/۲۱	پنجشنبه	قصرشیرین	قصرشیرین	۱۰:۰۰-۰۸:۰۰	شهر قصرشیرین - مرز خسروی
۲۴۱	۱۴۰۳/۰۴/۲۱	پنجشنبه	گیلانغرب	گیلانغرب	۱۴:۰۰-۱۲:۰۰	شهر گیلانغرب - روستاهای اطراف
۲۴۲	۱۴۰۳/۰۴/۲۱	پنجشنبه	دالاهو	کرند	۱۶:۰۰-۱۴:۰۰	شهر کرند غرب - روستاهای بخش گهواره
۲۴۳	۱۴۰۳/۰۴/۲۱	پنجشنبه	سرپل ذهاب	سرپل ذهاب	۱۰:۰۰-۰۸:۰۰	شهر سرپل ذهاب - خیابان اصلی - شهرک فولادی
۲۴۴	۱۴۰۳/۰۴/۲۱	پنجشنبه	سرپل ذهاب	سرپل ذهاب	۱۲:۰۰-۱۰:۰۰	روستاهای ریجاب - سراب گرم و حومه
۲۴۵	۱۴۰۳/۰۴/۲۱	پنجشنبه	قصرشیرین	قصرشیرین	۱۰:۰۰-۰۸:۰۰	شهر قصرشیرین - مرز خسروی
۲۴۶	۱۴۰۳/۰۴/۲۱	پنجشنبه	گیلانغرب	گیلانغرب	۱۴:۰۰-۱۲:۰۰	شهر گیلانغرب - روستاهای اطراف
۲۴۷	۱۴۰۳/۰۴/۲۱	پنجشنبه	دالاهو	کرند	۱۶:۰۰-۱۴:۰۰	شهر کرند غرب - روستاهای بخش گهواره
۲۴۸	۱۴۰۳/۰۴/۲۱	پنجشنبه	سرپل ذهاب	سرپل ذهاب	۱۰:۰۰-۰۸:۰۰	شهر سرپل ذهاب - خیابان اصلی - شهرک فولادی
۲۴۹	۱۴۰۳/۰۴/۲۱	پنجشنبه	سرپل ذهاب	سرپل ذهاب	۱۲:۰۰-۱۰:۰۰	روستاهای ریجاب - سراب گرم و حومه
۲۵۰	۱۴۰۳/۰۴/۲۱	پنجشنبه	قصرشیرین	قصرشیرین	۱۰:۰۰-۰۸:۰۰	شهر قصرشیرین - مرز خسروی
۲۵۱	۱۴۰۳/۰۴/۲۱	پنجشنبه	گیلانغرب	گیلانغرب	۱۴:۰۰-۱۲:۰۰	شهر گیلانغرب - روستاهای اطراف
